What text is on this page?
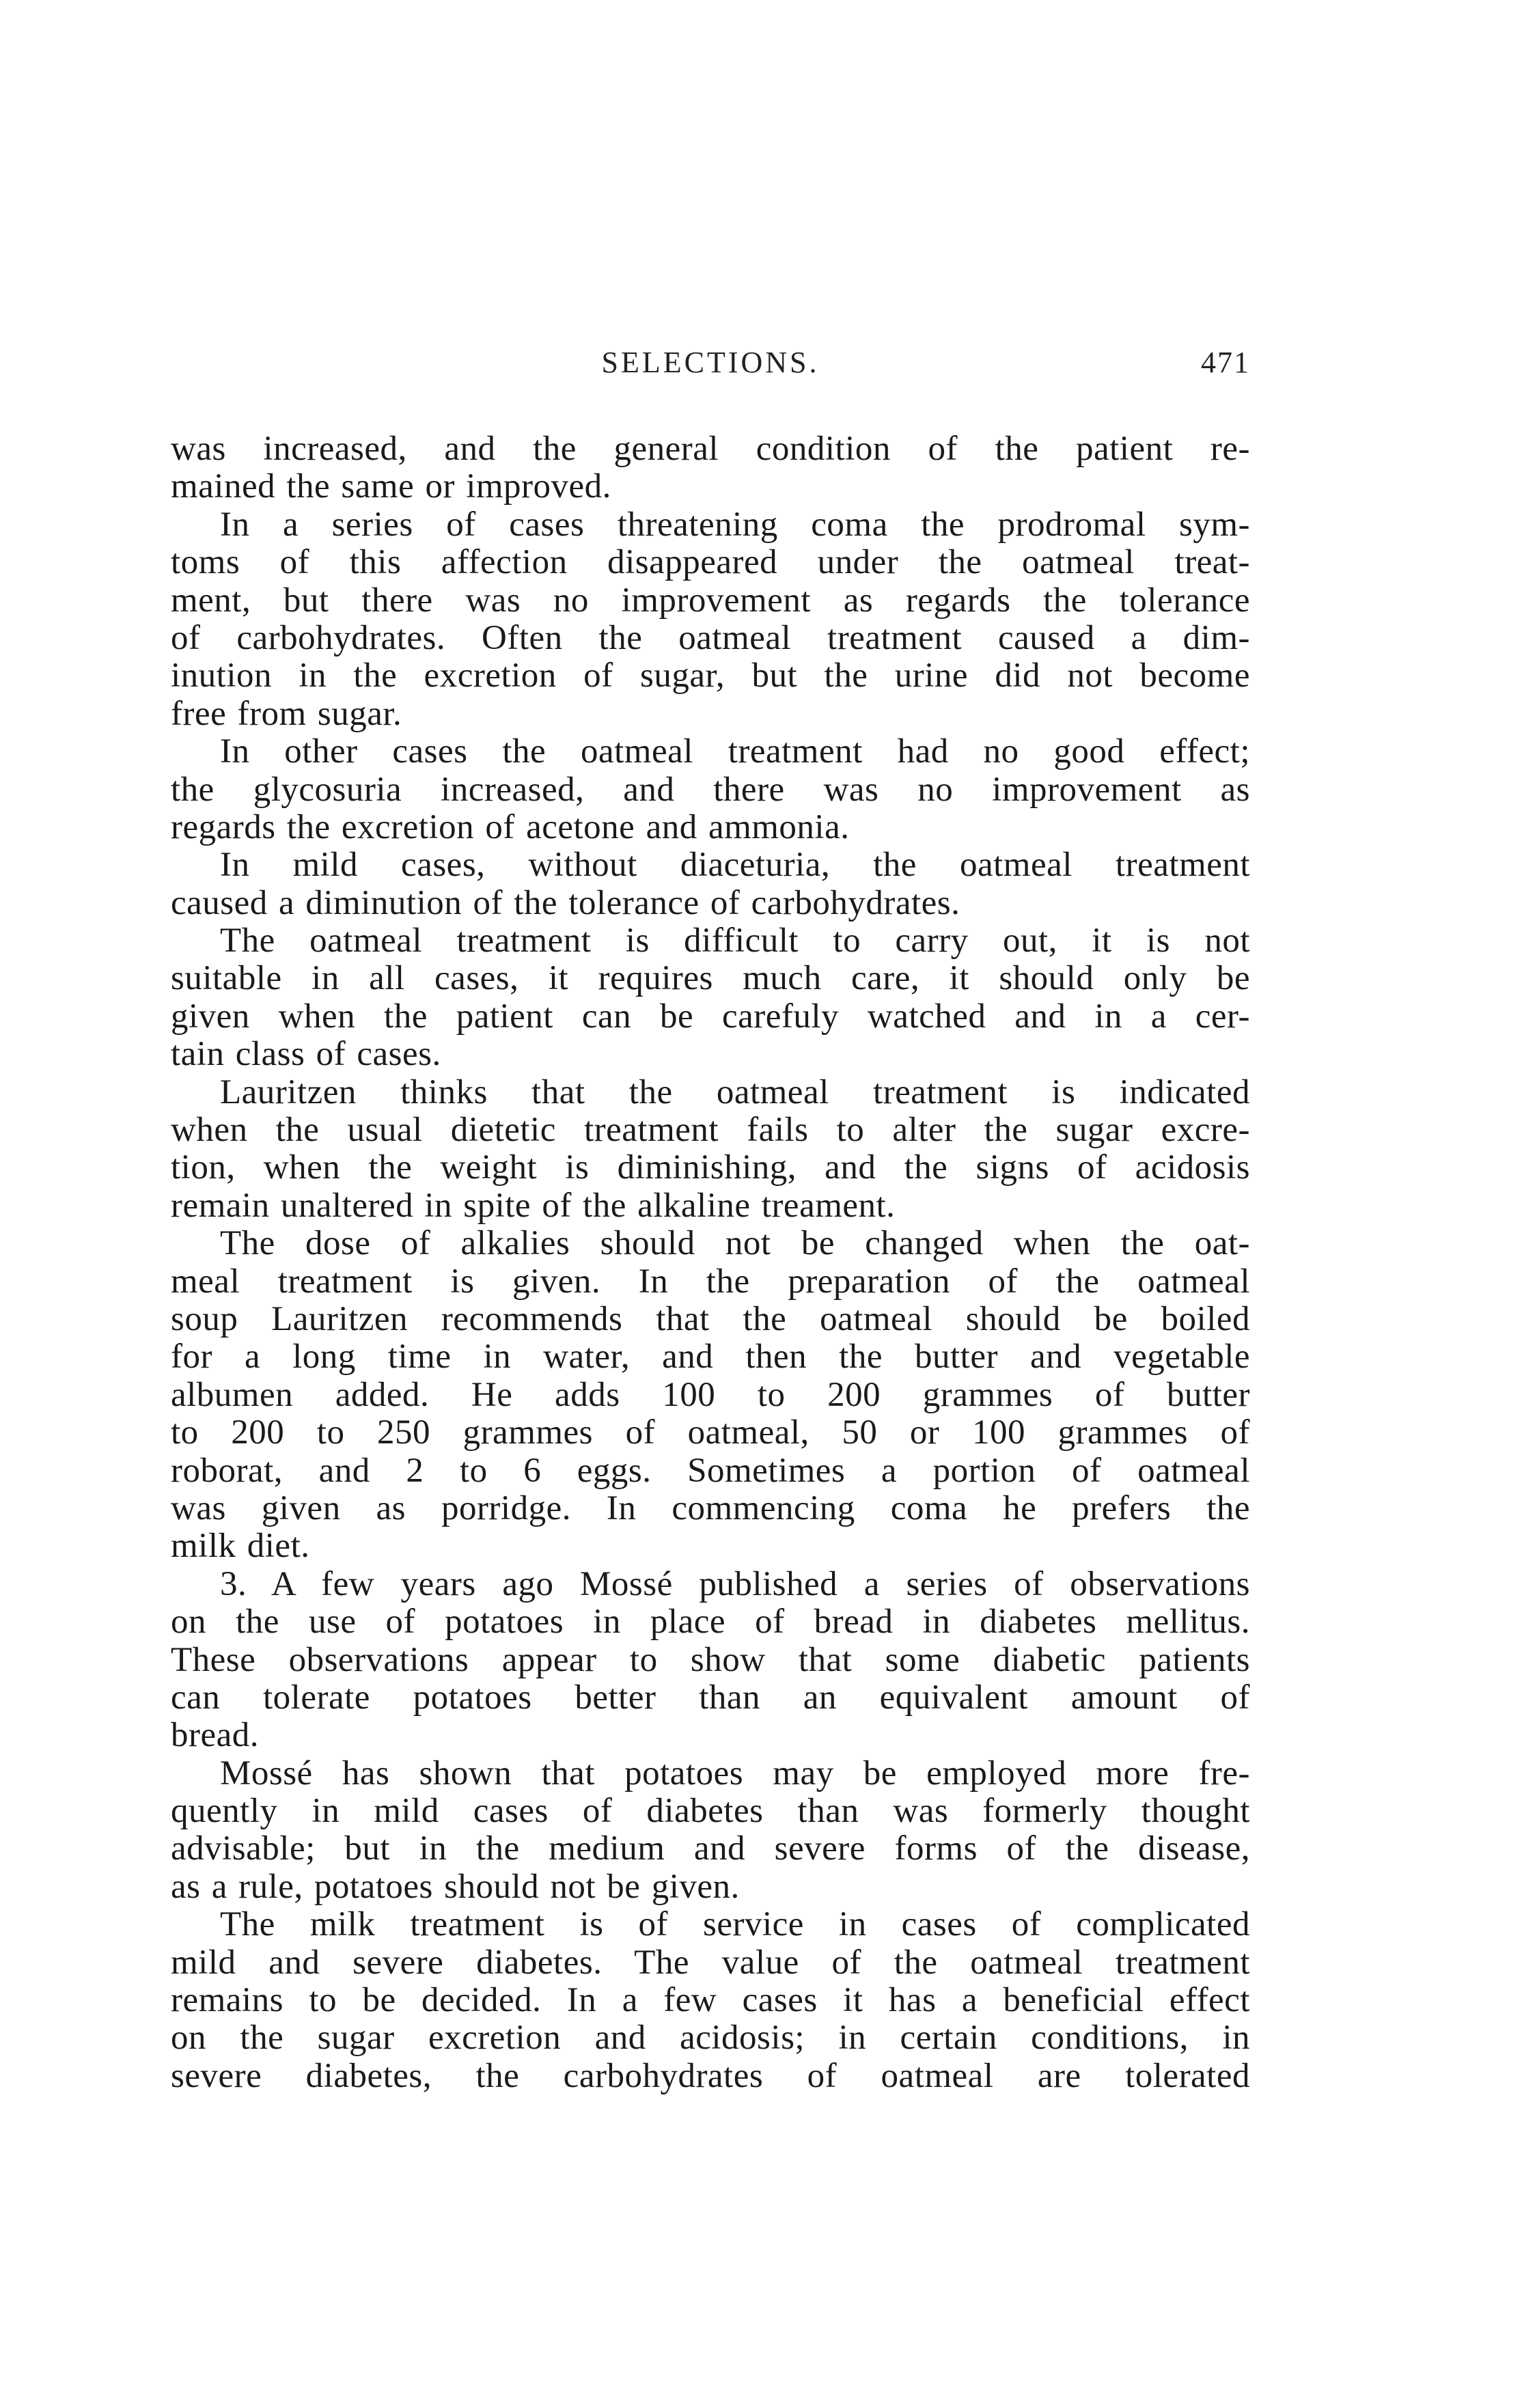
SELECTIONS.	471
was increased, and the general condition of the patient re-
mained the same or improved.
In a series of cases threatening coma the prodromal sym-
toms of this affection disappeared under the oatmeal treat-
ment, but there was no improvement as regards the tolerance
of carbohydrates. Often the oatmeal treatment caused a dim-
inution in the excretion of sugar, but the urine did not become
free from sugar.
In other cases the oatmeal treatment had no good effect;
the glycosuria increased, and there was no improvement as
regards the excretion of acetone and ammonia.
In mild cases, without diaceturia, the oatmeal treatment
caused a diminution of the tolerance of carbohydrates.
The oatmeal treatment is difficult to carry out, it is not
suitable in all cases, it requires much care, it should only be
given when the patient can be carefuly watched and in a cer-
tain class of cases.
Lauritzen thinks that the oatmeal treatment is indicated
when the usual dietetic treatment fails to alter the sugar excre-
tion, when the weight is diminishing, and the signs of acidosis
remain unaltered in spite of the alkaline treament.
The dose of alkalies should not be changed when the oat-
meal treatment is given. In the preparation of the oatmeal
soup Lauritzen recommends that the oatmeal should be boiled
for a long time in water, and then the butter and vegetable
albumen added. He adds 100 to 200 grammes of butter
to 200 to 250 grammes of oatmeal, 50 or 100 grammes of
roborat, and 2 to 6 eggs. Sometimes a portion of oatmeal
was given as porridge. In commencing coma he prefers the
milk diet.
3. A few years ago Mossé published a series of observations
on the use of potatoes in place of bread in diabetes mellitus.
These observations appear to show that some diabetic patients
can tolerate potatoes better than an equivalent amount of
bread.
Mossé has shown that potatoes may be employed more fre-
quently in mild cases of diabetes than was formerly thought
advisable; but in the medium and severe forms of the disease,
as a rule, potatoes should not be given.
The milk treatment is of service in cases of complicated
mild and severe diabetes. The value of the oatmeal treatment
remains to be decided. In a few cases it has a beneficial effect
on the sugar excretion and acidosis; in certain conditions, in
severe diabetes, the carbohydrates of oatmeal are tolerated
